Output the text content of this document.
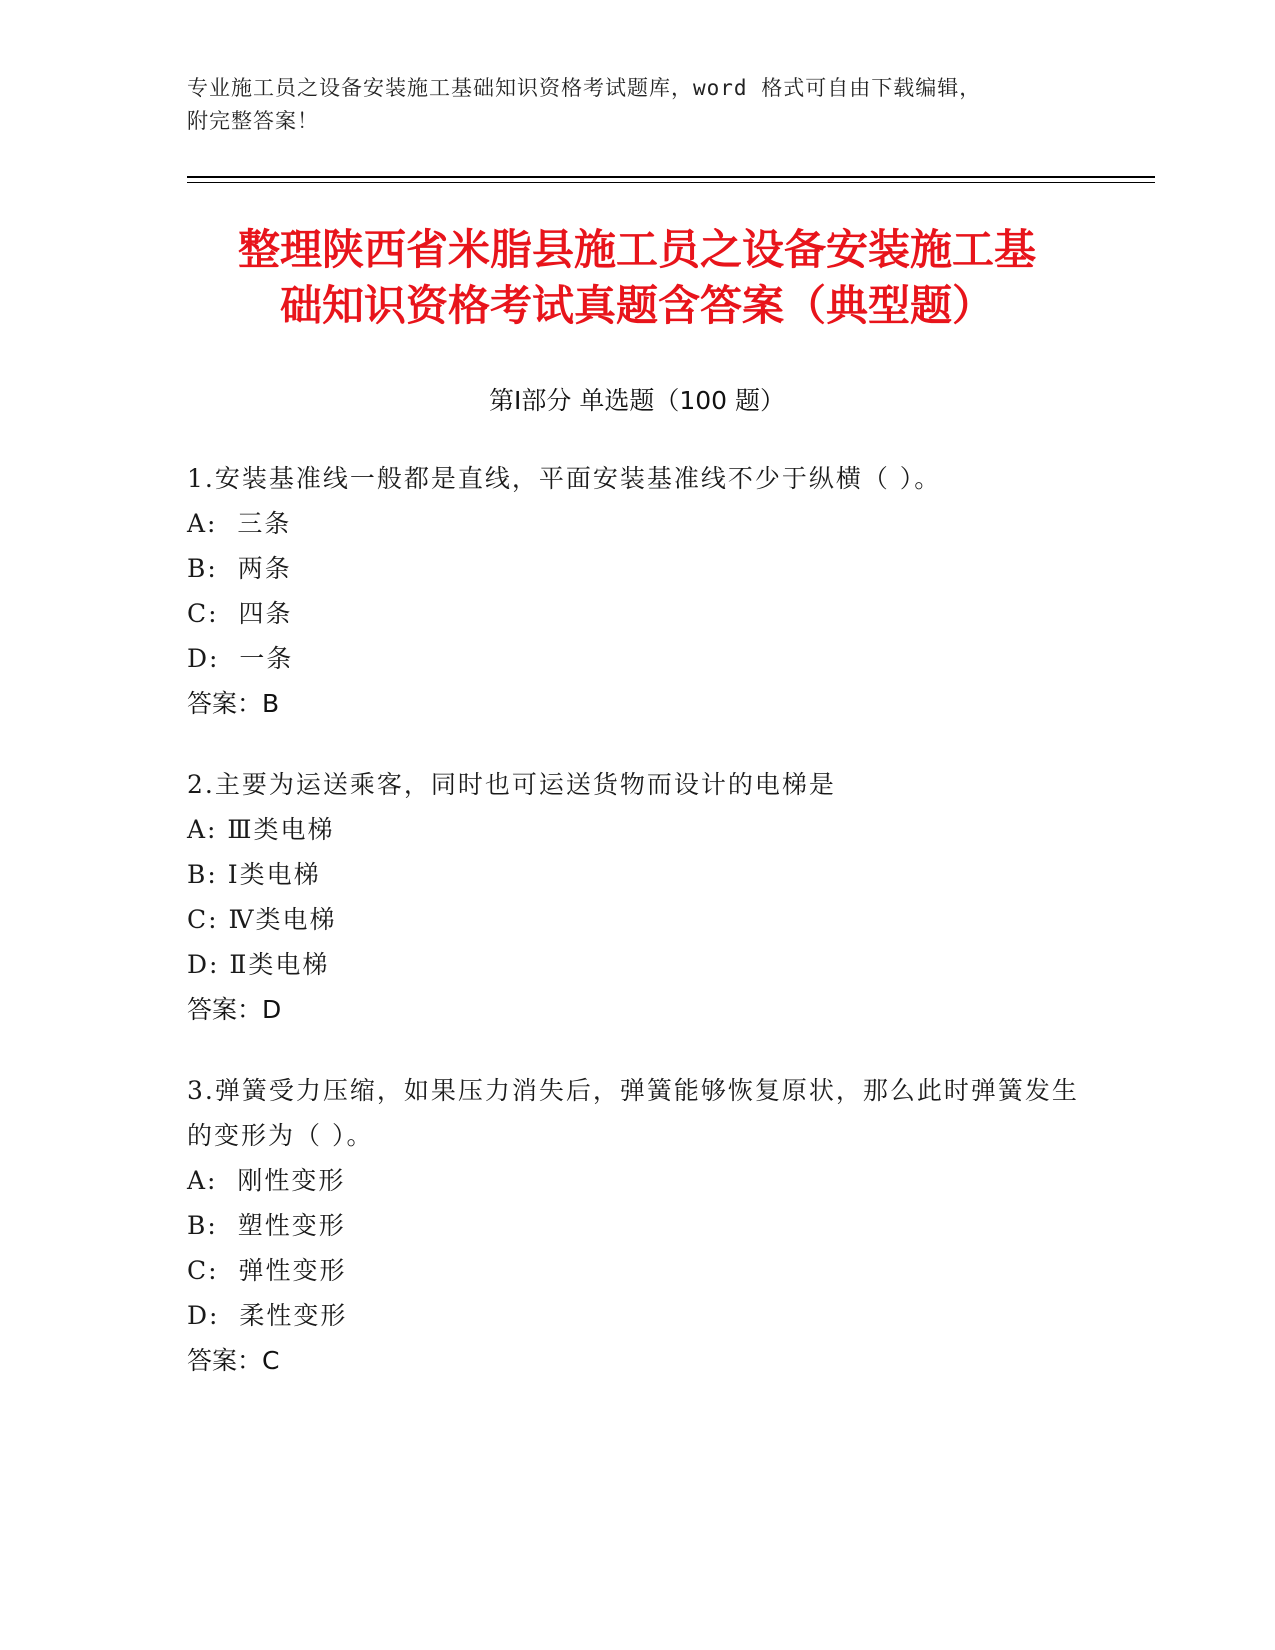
专业施工员之设备安装施工基础知识资格考试题库，word 格式可自由下载编辑，
附完整答案！
整理陕西省米脂县施工员之设备安装施工基
础知识资格考试真题含答案（典型题）
第Ⅰ部分 单选题（100 题）
1.安装基准线一般都是直线，平面安装基准线不少于纵横（ ）。
A:  三条
B:  两条
C:  四条
D:  一条
答案：B
2.主要为运送乘客，同时也可运送货物而设计的电梯是
A: Ⅲ类电梯
B: Ⅰ类电梯
C: Ⅳ类电梯
D: Ⅱ类电梯
答案：D
3.弹簧受力压缩，如果压力消失后，弹簧能够恢复原状，那么此时弹簧发生的变形为（ ）。
A:  刚性变形
B:  塑性变形
C:  弹性变形
D:  柔性变形
答案：C
